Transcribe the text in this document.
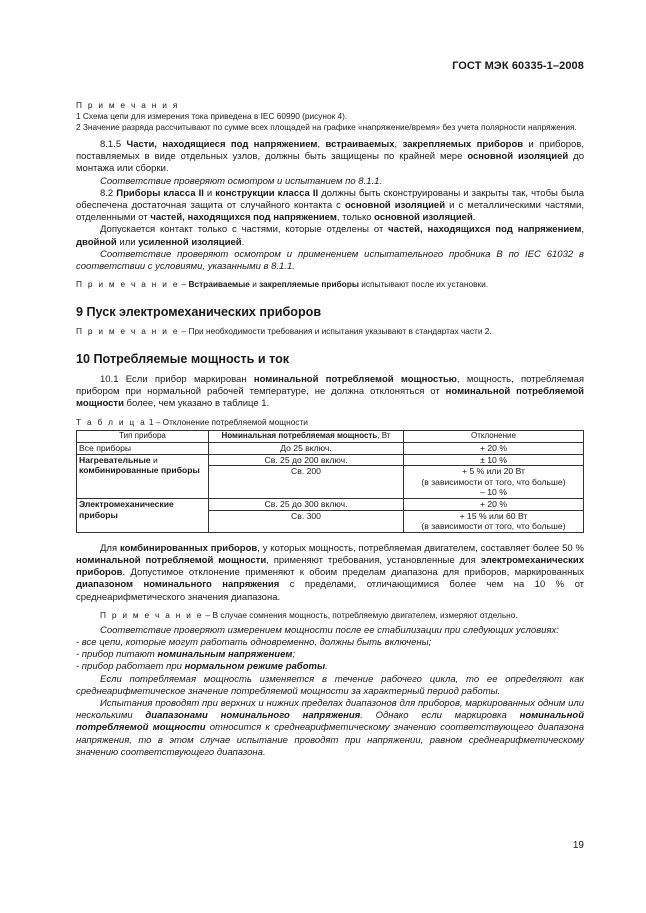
ГОСТ МЭК 60335-1–2008

П р и м е ч а н и я

1 Схема цепи для измерения тока приведена в IEC 60990 (рисунок 4).

2 Значение разряда рассчитывают по сумме всех площадей на графике «напряжение/время» без учета полярности напряжения.

8.1.5 Части, находящиеся под напряжением, встраиваемых, закрепляемых приборов и приборов, поставляемых в виде отдельных узлов, должны быть защищены по крайней мере основной изоляцией до монтажа или сборки.

Соответствие проверяют осмотром и испытанием по 8.1.1.

8.2 Приборы класса II и конструкции класса II должны быть сконструированы и закрыты так, чтобы была обеспечена достаточная защита от случайного контакта с основной изоляцией и с металлическими частями, отделенными от частей, находящихся под напряжением, только основной изоляцией.

Допускается контакт только с частями, которые отделены от частей, находящихся под напряжением, двойной или усиленной изоляцией.

Соответствие проверяют осмотром и применением испытательного пробника B по IEC 61032 в соответствии с условиями, указанными в 8.1.1.

П р и м е ч а н и е – Встраиваемые и закрепляемые приборы испытывают после их установки.

9 Пуск электромеханических приборов

П р и м е ч а н и е – При необходимости требования и испытания указывают в стандартах части 2.

10 Потребляемые мощность и ток

10.1 Если прибор маркирован номинальной потребляемой мощностью, мощность, потребляемая прибором при нормальной рабочей температуре, не должна отклоняться от номинальной потребляемой мощности более, чем указано в таблице 1.

Т а б л и ц а 1 – Отклонение потребляемой мощности

Тип прибора	Номинальная потребляемая мощность, Вт	Отклонение
Все приборы	До 25 включ.	+ 20 %
Нагревательные и комбинированные приборы	Св. 25 до 200 включ.	± 10 %
	Св. 200	+ 5 % или 20 Вт
(в зависимости от того, что больше)
– 10 %

Электромеханические приборы	Св. 25 до 300 включ.	+ 20 %
	Св. 300	+ 15 % или 60 Вт
(в зависимости от того, что больше)

Для комбинированных приборов, у которых мощность, потребляемая двигателем, составляет более 50 % номинальной потребляемой мощности, применяют требования, установленные для электромеханических приборов. Допустимое отклонение применяют к обоим пределам диапазона для приборов, маркированных диапазоном номинального напряжения с пределами, отличающимися более чем на 10 % от среднеарифметического значения диапазона.

П р и м е ч а н и е – В случае сомнения мощность, потребляемую двигателем, измеряют отдельно.

Соответствие проверяют измерением мощности после ее стабилизации при следующих условиях:

- все цепи, которые могут работать одновременно, должны быть включены;

- прибор питают номинальным напряжением;

- прибор работает при нормальном режиме работы.

Если потребляемая мощность изменяется в течение рабочего цикла, то ее определяют как среднеарифметическое значение потребляемой мощности за характерный период работы.

Испытания проводят при верхних и нижних пределах диапазонов для приборов, маркированных одним или несколькими диапазонами номинального напряжения. Однако если маркировка номинальной потребляемой мощности относится к среднеарифметическому значению соответствующего диапазона напряжения, то в этом случае испытание проводят при напряжении, равном среднеарифметическому значению соответствующего диапазона.

19
